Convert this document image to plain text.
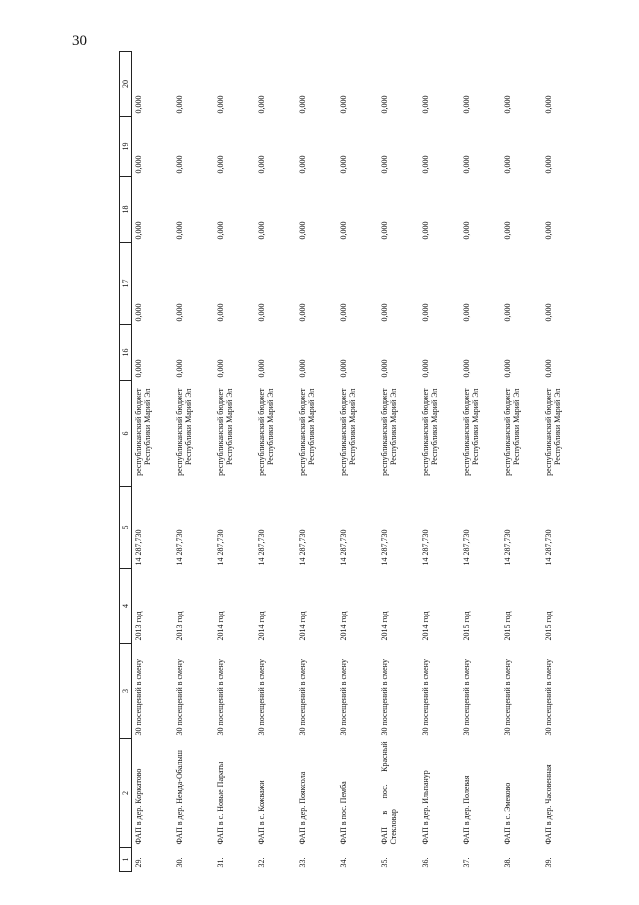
30
1	2	3	4	5	6	16	17	18	19	20
29.	ФАП в дер. Коркатово	30 посещений в смену	2013 год	14 287,730	республиканский бюджет Республики Марий Эл	0,000	0,000	0,000	0,000	0,000
30.	ФАП в дер. Немда-Обалыш	30 посещений в смену	2013 год	14 287,730	республиканский бюджет Республики Марий Эл	0,000	0,000	0,000	0,000	0,000
31.	ФАП в с. Новые Параты	30 посещений в смену	2014 год	14 287,730	республиканский бюджет Республики Марий Эл	0,000	0,000	0,000	0,000	0,000
32.	ФАП в с. Кожважи	30 посещений в смену	2014 год	14 287,730	республиканский бюджет Республики Марий Эл	0,000	0,000	0,000	0,000	0,000
33.	ФАП в дер. Пояксола	30 посещений в смену	2014 год	14 287,730	республиканский бюджет Республики Марий Эл	0,000	0,000	0,000	0,000	0,000
34.	ФАП в пос. Пемба	30 посещений в смену	2014 год	14 287,730	республиканский бюджет Республики Марий Эл	0,000	0,000	0,000	0,000	0,000
35.	ФАП в пос. Красный Стекловар	30 посещений в смену	2014 год	14 287,730	республиканский бюджет Республики Марий Эл	0,000	0,000	0,000	0,000	0,000
36.	ФАП в дер. Ильпанур	30 посещений в смену	2014 год	14 287,730	республиканский бюджет Республики Марий Эл	0,000	0,000	0,000	0,000	0,000
37.	ФАП в дер. Полевая	30 посещений в смену	2015 год	14 287,730	республиканский бюджет Республики Марий Эл	0,000	0,000	0,000	0,000	0,000
38.	ФАП в с. Эмеково	30 посещений в смену	2015 год	14 287,730	республиканский бюджет Республики Марий Эл	0,000	0,000	0,000	0,000	0,000
39.	ФАП в дер. Часовенная	30 посещений в смену	2015 год	14 287,730	республиканский бюджет Республики Марий Эл	0,000	0,000	0,000	0,000	0,000
